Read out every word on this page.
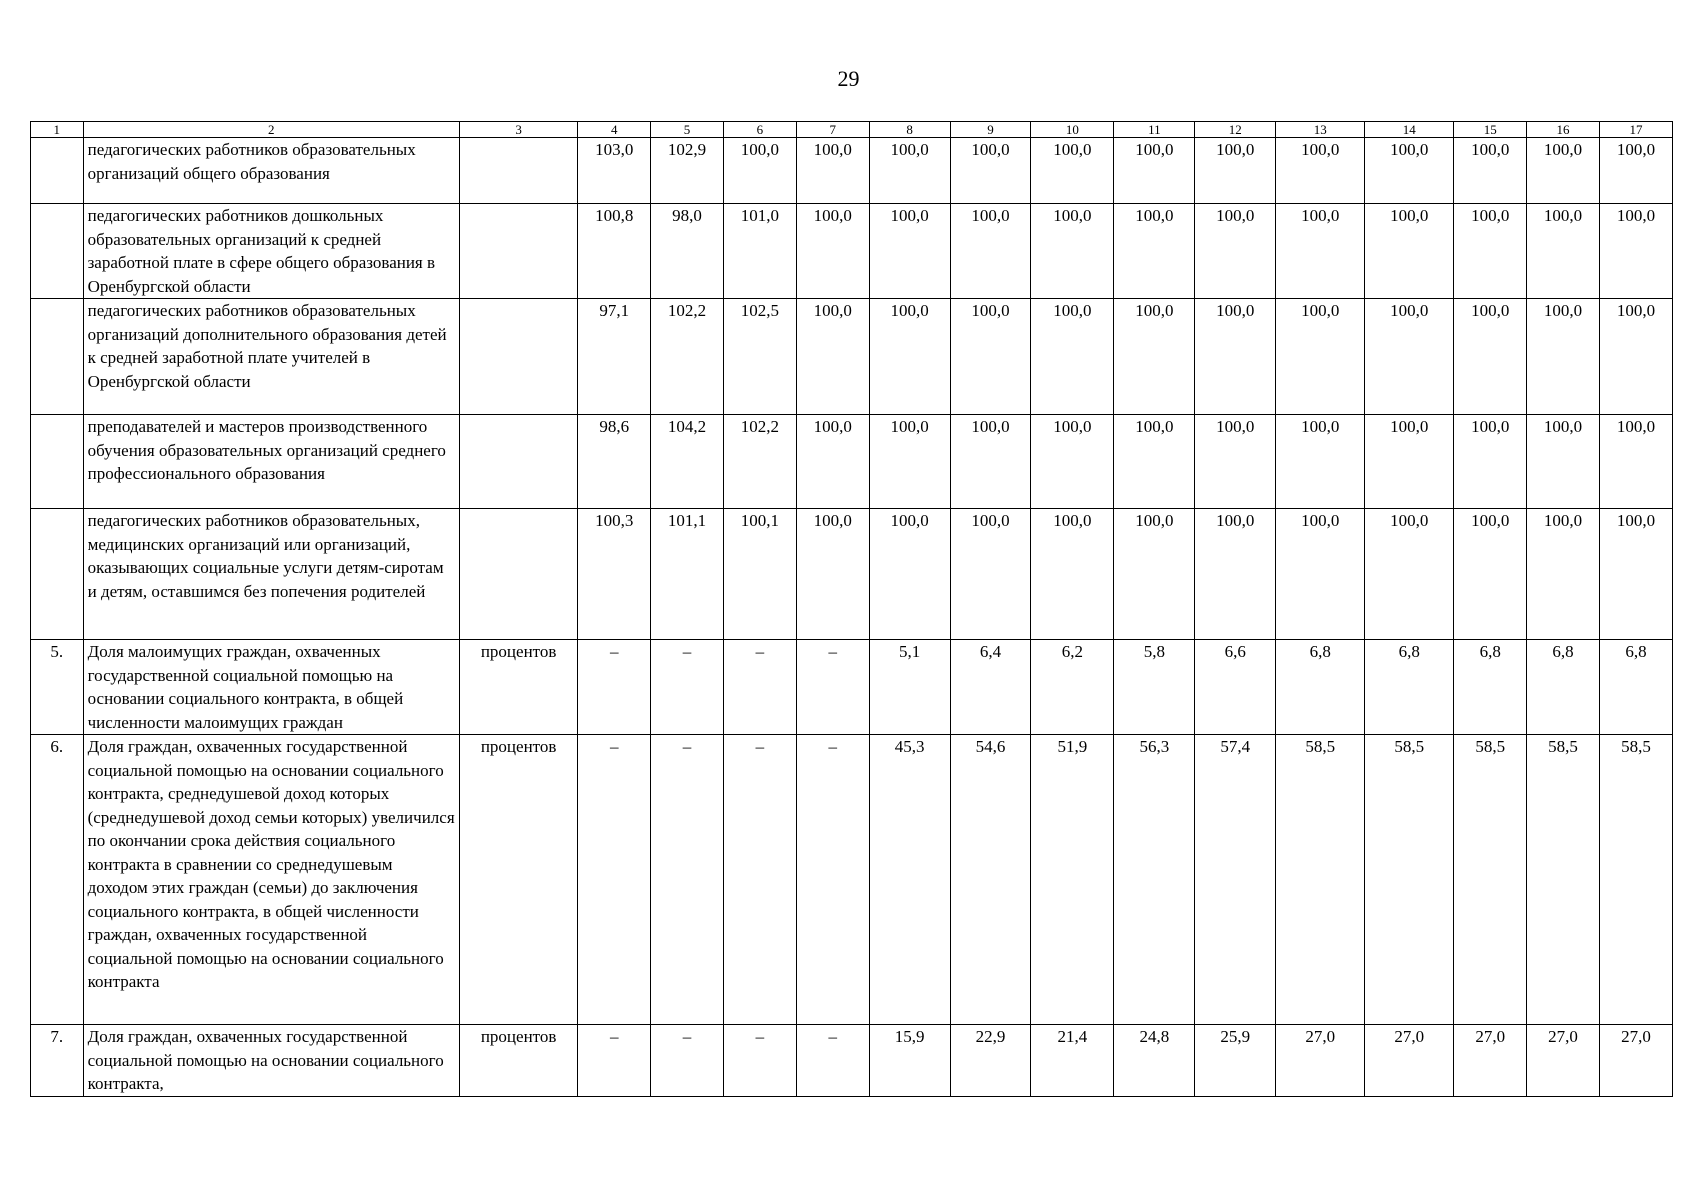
29
1	2	3	4	5	6	7	8	9	10	11	12	13	14	15	16	17
	педагогических работников образовательных организаций общего образования		103,0	102,9	100,0	100,0	100,0	100,0	100,0	100,0	100,0	100,0	100,0	100,0	100,0	100,0
	педагогических работников дошкольных образовательных организаций к средней заработной плате в сфере общего образования в Оренбургской области		100,8	98,0	101,0	100,0	100,0	100,0	100,0	100,0	100,0	100,0	100,0	100,0	100,0	100,0
	педагогических работников образовательных организаций дополнительного образования детей к средней заработной плате учителей в Оренбургской области		97,1	102,2	102,5	100,0	100,0	100,0	100,0	100,0	100,0	100,0	100,0	100,0	100,0	100,0
	преподавателей и мастеров производственного обучения образовательных организаций среднего профессионального образования		98,6	104,2	102,2	100,0	100,0	100,0	100,0	100,0	100,0	100,0	100,0	100,0	100,0	100,0
	педагогических работников образовательных, медицинских организаций или организаций, оказывающих социальные услуги детям-сиротам и детям, оставшимся без попечения родителей		100,3	101,1	100,1	100,0	100,0	100,0	100,0	100,0	100,0	100,0	100,0	100,0	100,0	100,0
5.	Доля малоимущих граждан, охваченных государственной социальной помощью на основании социального контракта, в общей численности малоимущих граждан	процентов	–	–	–	–	5,1	6,4	6,2	5,8	6,6	6,8	6,8	6,8	6,8	6,8
6.	Доля граждан, охваченных государственной социальной помощью на основании социального контракта, среднедушевой доход которых (среднедушевой доход семьи которых) увеличился по окончании срока действия социального контракта в сравнении со среднедушевым доходом этих граждан (семьи) до заключения социального контракта, в общей численности граждан, охваченных государственной социальной помощью на основании социального контракта	процентов	–	–	–	–	45,3	54,6	51,9	56,3	57,4	58,5	58,5	58,5	58,5	58,5
7.	Доля граждан, охваченных государственной социальной помощью на основании социального контракта,	процентов	–	–	–	–	15,9	22,9	21,4	24,8	25,9	27,0	27,0	27,0	27,0	27,0
